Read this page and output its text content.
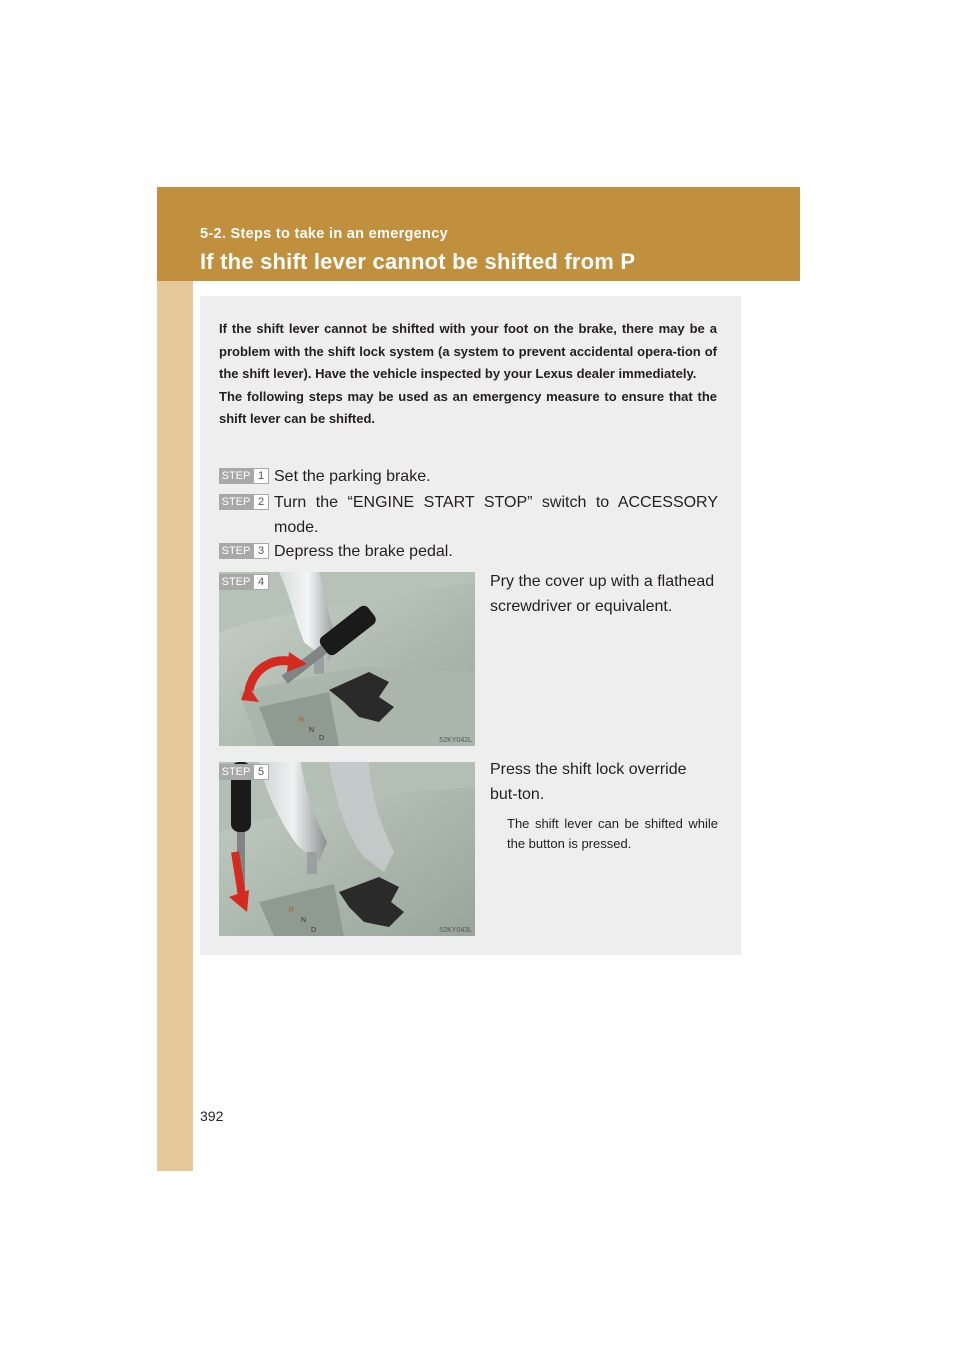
5-2. Steps to take in an emergency
If the shift lever cannot be shifted from P

If the shift lever cannot be shifted with your foot on the brake, there may be a problem with the shift lock system (a system to prevent accidental opera-tion of the shift lever). Have the vehicle inspected by your Lexus dealer immediately.

The following steps may be used as an emergency measure to ensure that the shift lever can be shifted.

STEP 1 Set the parking brake.
STEP 2 Turn the “ENGINE START STOP” switch to ACCESSORY mode.
STEP 3 Depress the brake pedal.
R
N
D	52KY042L
STEP 4	Pry the cover up with a flathead screwdriver or equivalent.
R
N
D	52KY043L
STEP 5	Press the shift lock override but-ton.
The shift lever can be shifted while the button is pressed.
392
